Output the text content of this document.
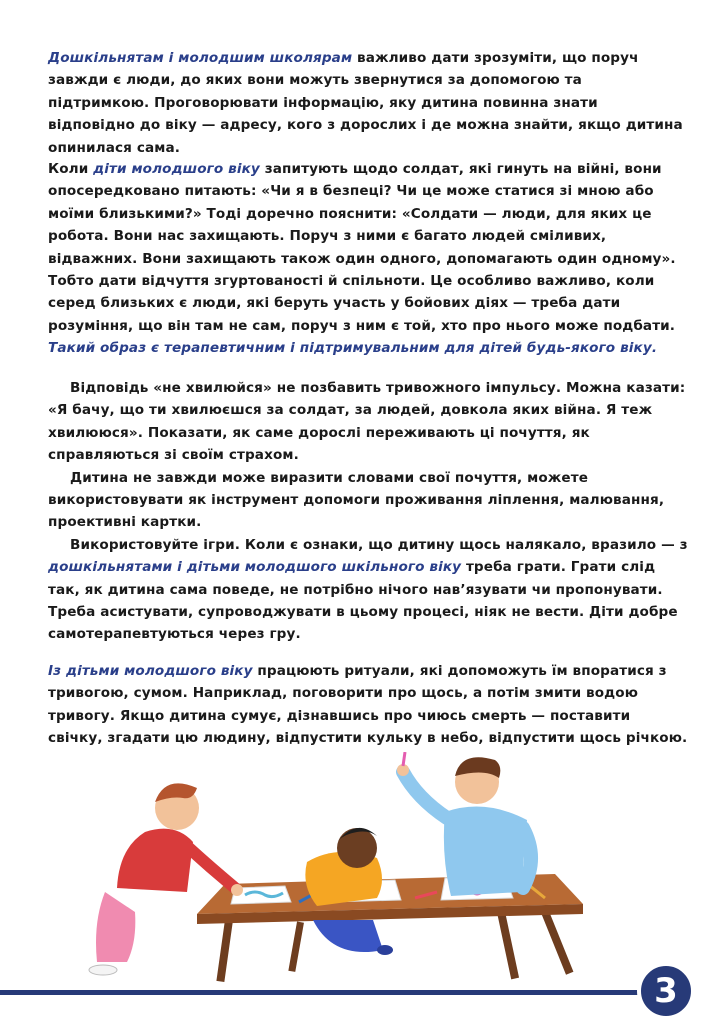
Дошкільнятам і молодшим школярам важливо дати зрозуміти, що поруч завжди є люди, до яких вони можуть звернутися за допомогою та підтримкою. Проговорювати інформацію, яку дитина повинна знати відповідно до віку — адресу, кого з дорослих і де можна знайти, якщо дитина опинилася сама.
Коли діти молодшого віку запитують щодо солдат, які гинуть на війні, вони опосередковано питають: «Чи я в безпеці? Чи це може статися зі мною або моїми близькими?» Тоді доречно пояснити: «Солдати — люди, для яких це робота. Вони нас захищають. Поруч з ними є багато людей сміливих, відважних. Вони захищають також один одного, допомагають один одному». Тобто дати відчуття згуртованості й спільноти. Це особливо важливо, коли серед близьких є люди, які беруть участь у бойових діях — треба дати розуміння, що він там не сам, поруч з ним є той, хто про нього може подбати. Такий образ є терапевтичним і підтримувальним для дітей будь-якого віку.
Відповідь «не хвилюйся» не позбавить тривожного імпульсу. Можна казати: «Я бачу, що ти хвилюєшся за солдат, за людей, довкола яких війна. Я теж хвилююся». Показати, як саме дорослі переживають ці почуття, як справляються зі своїм страхом.
Дитина не завжди може виразити словами свої почуття, можете використовувати як інструмент допомоги проживання ліплення, малювання, проективні картки.
Використовуйте ігри. Коли є ознаки, що дитину щось налякало, вразило — з дошкільнятами і дітьми молодшого шкільного віку треба грати. Грати слід так, як дитина сама поведе, не потрібно нічого нав’язувати чи пропонувати. Треба асистувати, супроводжувати в цьому процесі, ніяк не вести. Діти добре самотерапевтуються через гру.
Із дітьми молодшого віку працюють ритуали, які допоможуть їм впоратися з тривогою, сумом. Наприклад, поговорити про щось, а потім змити водою тривогу. Якщо дитина сумує, дізнавшись про чиюсь смерть — поставити свічку, згадати цю людину, відпустити кульку в небо, відпустити щось річкою.
3
